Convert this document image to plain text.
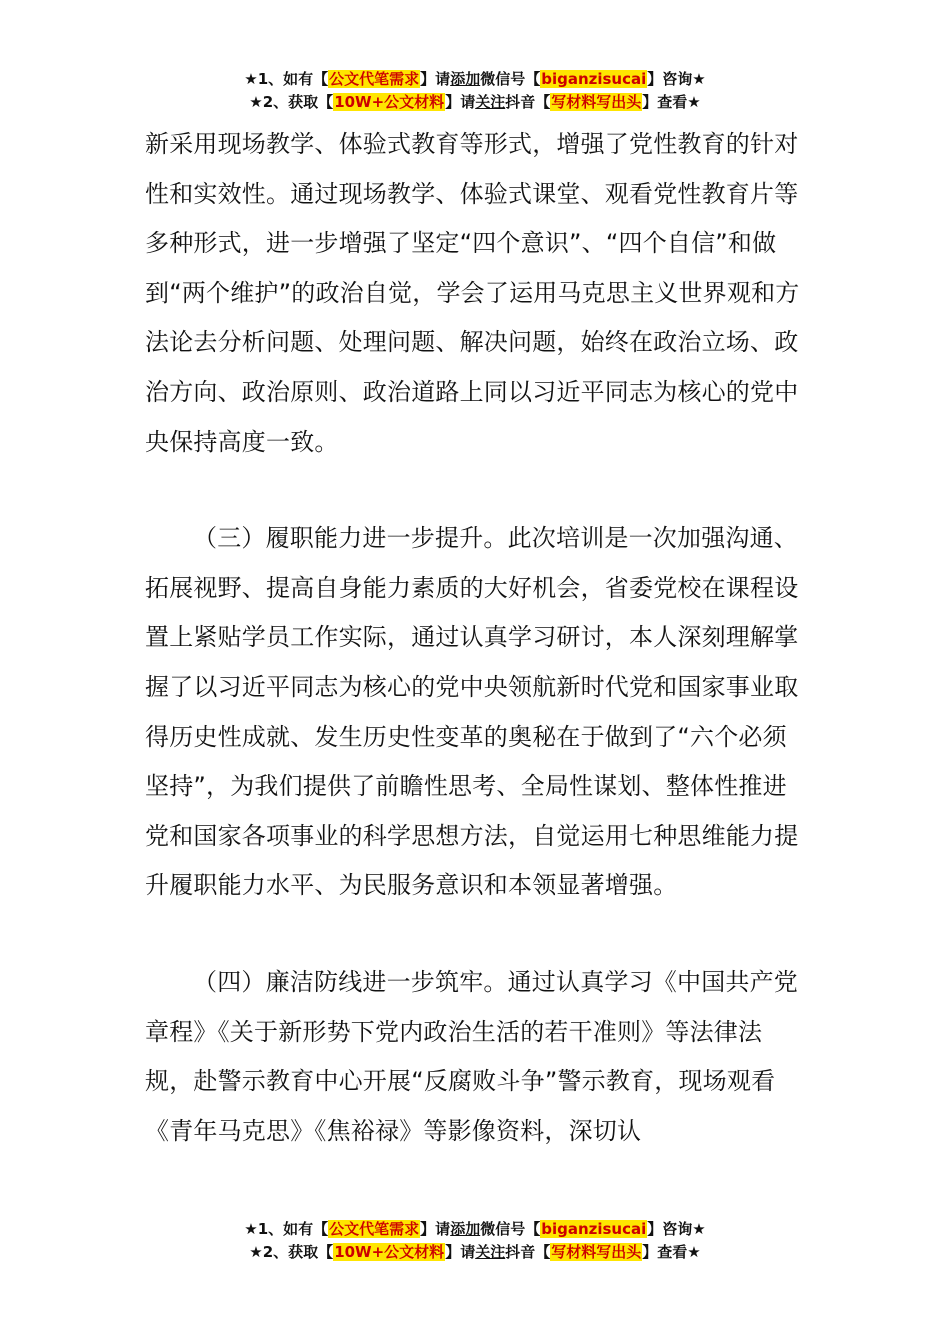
★1、如有【公文代笔需求】请添加微信号【biganzisucai】咨询★
★2、获取【10W+公文材料】请关注抖音【写材料写出头】查看★

新采用现场教学、体验式教育等形式，增强了党性教育的针对性和实效性。通过现场教学、体验式课堂、观看党性教育片等多种形式，进一步增强了坚定“四个意识”、“四个自信”和做到“两个维护”的政治自觉，学会了运用马克思主义世界观和方法论去分析问题、处理问题、解决问题，始终在政治立场、政治方向、政治原则、政治道路上同以习近平同志为核心的党中央保持高度一致。

（三）履职能力进一步提升。此次培训是一次加强沟通、拓展视野、提高自身能力素质的大好机会，省委党校在课程设置上紧贴学员工作实际，通过认真学习研讨，本人深刻理解掌握了以习近平同志为核心的党中央领航新时代党和国家事业取得历史性成就、发生历史性变革的奥秘在于做到了“六个必须坚持”，为我们提供了前瞻性思考、全局性谋划、整体性推进党和国家各项事业的科学思想方法，自觉运用七种思维能力提升履职能力水平、为民服务意识和本领显著增强。

（四）廉洁防线进一步筑牢。通过认真学习《中国共产党章程》《关于新形势下党内政治生活的若干准则》等法律法规，赴警示教育中心开展“反腐败斗争”警示教育，现场观看《青年马克思》《焦裕禄》等影像资料，深切认

★1、如有【公文代笔需求】请添加微信号【biganzisucai】咨询★
★2、获取【10W+公文材料】请关注抖音【写材料写出头】查看★
